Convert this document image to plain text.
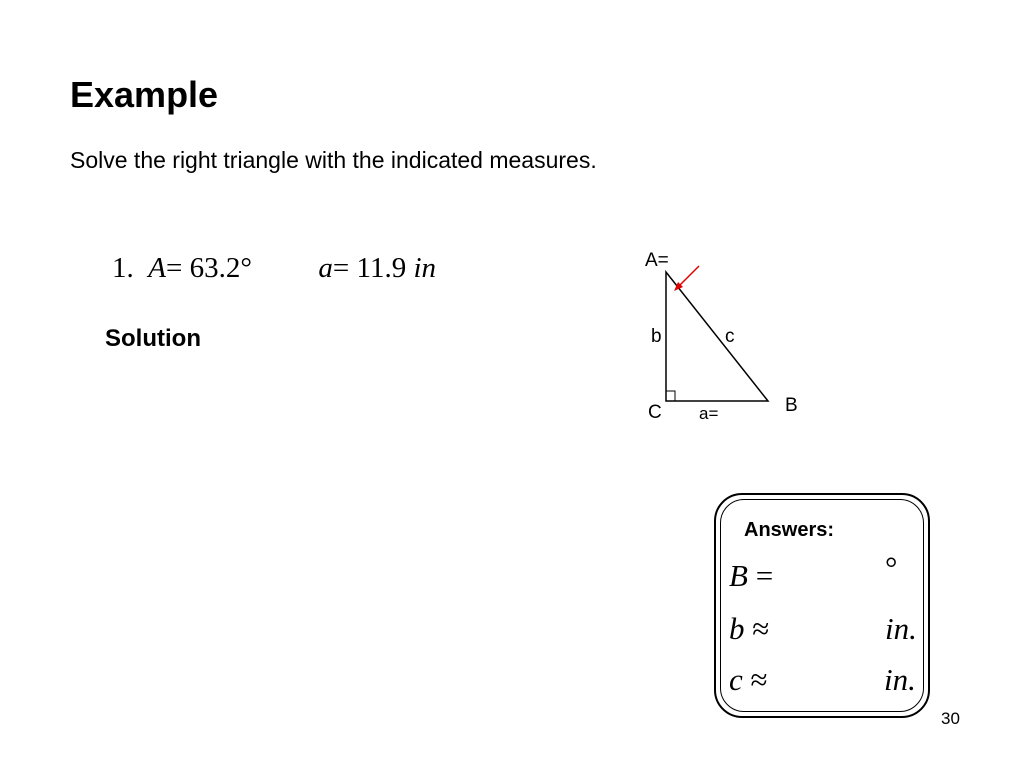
Example
Solve the right triangle with the indicated measures.
1. A= 63.2° a= 11.9 in
Solution
A=
b	c
B
C a=
Answers:
B =	°
b ≈	in.
c ≈	in.
30
